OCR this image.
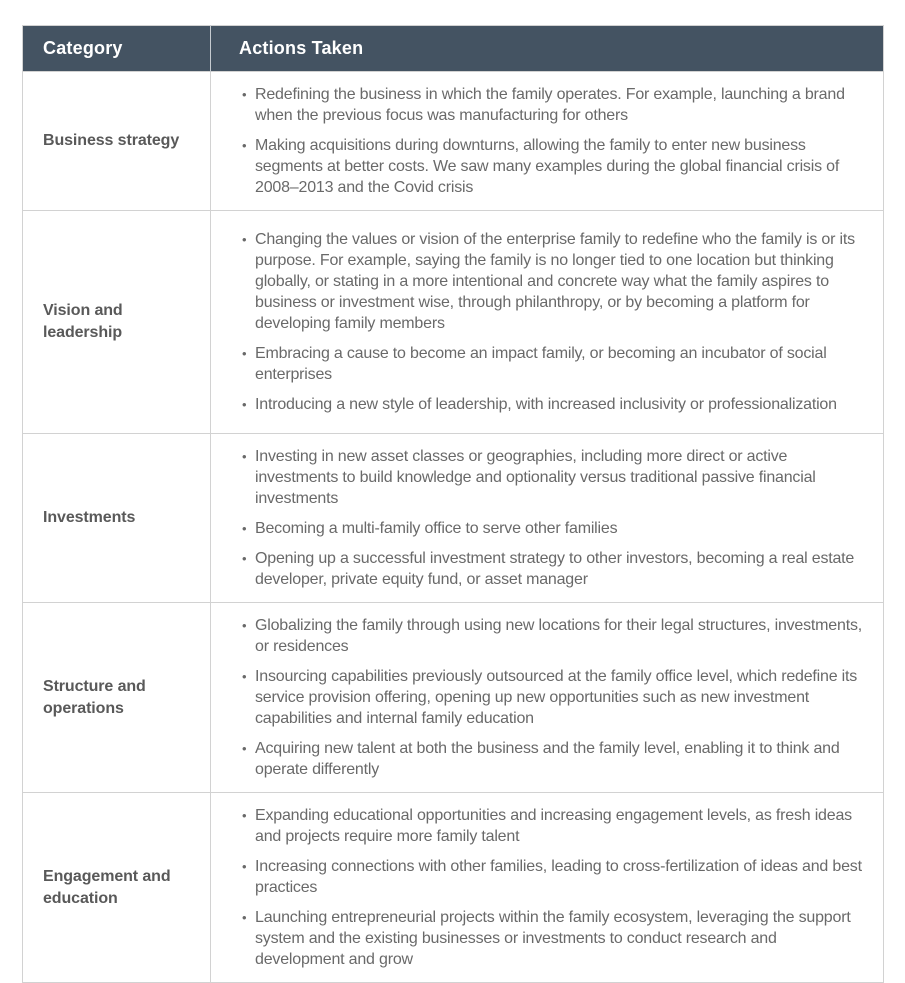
Category	Actions Taken
Business strategy	
• Redefining the business in which the family operates. For example, launching a brand when the previous focus was manufacturing for others
• Making acquisitions during downturns, allowing the family to enter new business segments at better costs. We saw many examples during the global financial crisis of 2008–2013 and the Covid crisis

Vision and leadership	
• Changing the values or vision of the enterprise family to redefine who the family is or its purpose. For example, saying the family is no longer tied to one location but thinking globally, or stating in a more intentional and concrete way what the family aspires to business or investment wise, through philanthropy, or by becoming a platform for developing family members
• Embracing a cause to become an impact family, or becoming an incubator of social enterprises
• Introducing a new style of leadership, with increased inclusivity or professionalization

Investments	
• Investing in new asset classes or geographies, including more direct or active investments to build knowledge and optionality versus traditional passive financial investments
• Becoming a multi-family office to serve other families
• Opening up a successful investment strategy to other investors, becoming a real estate developer, private equity fund, or asset manager

Structure and operations	
• Globalizing the family through using new locations for their legal structures, investments, or residences
• Insourcing capabilities previously outsourced at the family office level, which redefine its service provision offering, opening up new opportunities such as new investment capabilities and internal family education
• Acquiring new talent at both the business and the family level, enabling it to think and operate differently

Engagement and education	
• Expanding educational opportunities and increasing engagement levels, as fresh ideas and projects require more family talent
• Increasing connections with other families, leading to cross-fertilization of ideas and best practices
• Launching entrepreneurial projects within the family ecosystem, leveraging the support system and the existing businesses or investments to conduct research and development and grow
